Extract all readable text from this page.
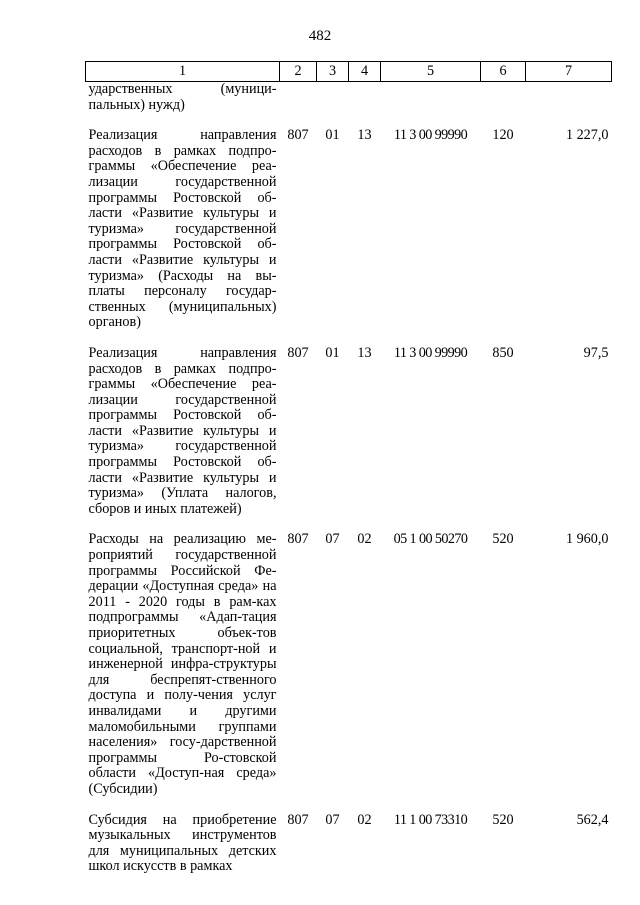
482
1	2	3	4	5	6	7
ударственных (муници-пальных) нужд)						
Реализация направления расходов в рамках подпро-граммы «Обеспечение реа-лизации государственной программы Ростовской об-ласти «Развитие культуры и туризма» государственной программы Ростовской об-ласти «Развитие культуры и туризма» (Расходы на вы-платы персоналу государ-ственных (муниципальных) органов)	807	01	13	11 3 00 99990	120	1 227,0
Реализация направления расходов в рамках подпро-граммы «Обеспечение реа-лизации государственной программы Ростовской об-ласти «Развитие культуры и туризма» государственной программы Ростовской об-ласти «Развитие культуры и туризма» (Уплата налогов, сборов и иных платежей)	807	01	13	11 3 00 99990	850	97,5
Расходы на реализацию ме-роприятий государственной программы Российской Фе-дерации «Доступная среда» на 2011 - 2020 годы в рам-ках подпрограммы «Адап-тация приоритетных объек-тов социальной, транспорт-ной и инженерной инфра-структуры для беспрепят-ственного доступа и полу-чения услуг инвалидами и другими маломобильными группами населения» госу-дарственной программы Ро-стовской области «Доступ-ная среда» (Субсидии)	807	07	02	05 1 00 50270	520	1 960,0
Субсидия на приобретение музыкальных инструментов для муниципальных детских школ искусств в рамках	807	07	02	11 1 00 73310	520	562,4
